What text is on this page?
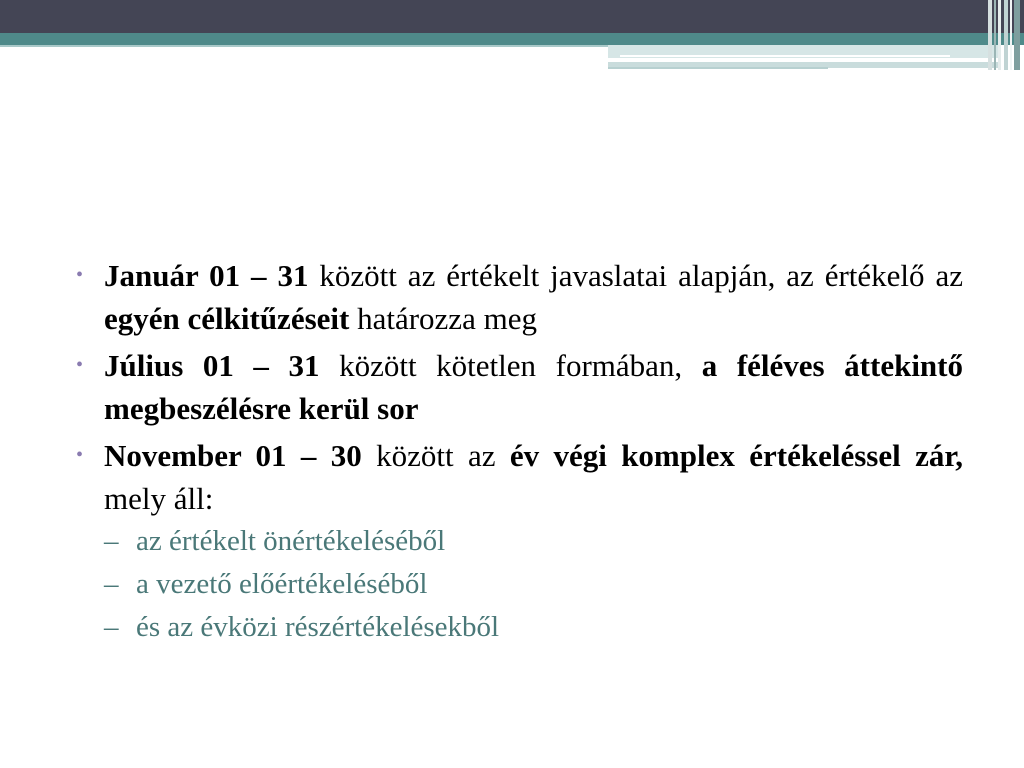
• Január 01 – 31 között az értékelt javaslatai alapján, az értékelő az egyén célkitűzéseit határozza meg
• Július 01 – 31 között kötetlen formában, a féléves áttekintő megbeszélésre kerül sor
• November 01 – 30 között az év végi komplex értékeléssel zár, mely áll:
– az értékelt önértékeléséből
– a vezető előértékeléséből
– és az évközi részértékelésekből
